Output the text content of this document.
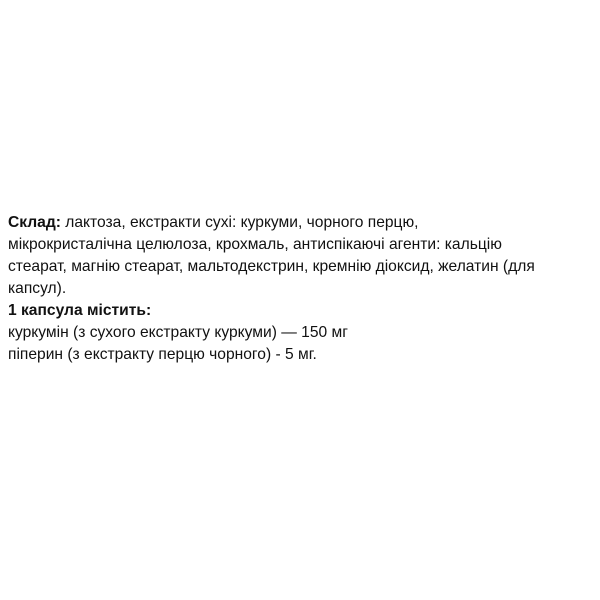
Склад: лактоза, екстракти сухі: куркуми, чорного перцю,
мікрокристалічна целюлоза, крохмаль, антиспікаючі агенти: кальцію
стеарат, магнію стеарат, мальтодекстрин, кремнію діоксид, желатин (для
капсул).

1 капсула містить:
куркумін (з сухого екстракту куркуми) — 150 мг
піперин (з екстракту перцю чорного) - 5 мг.
